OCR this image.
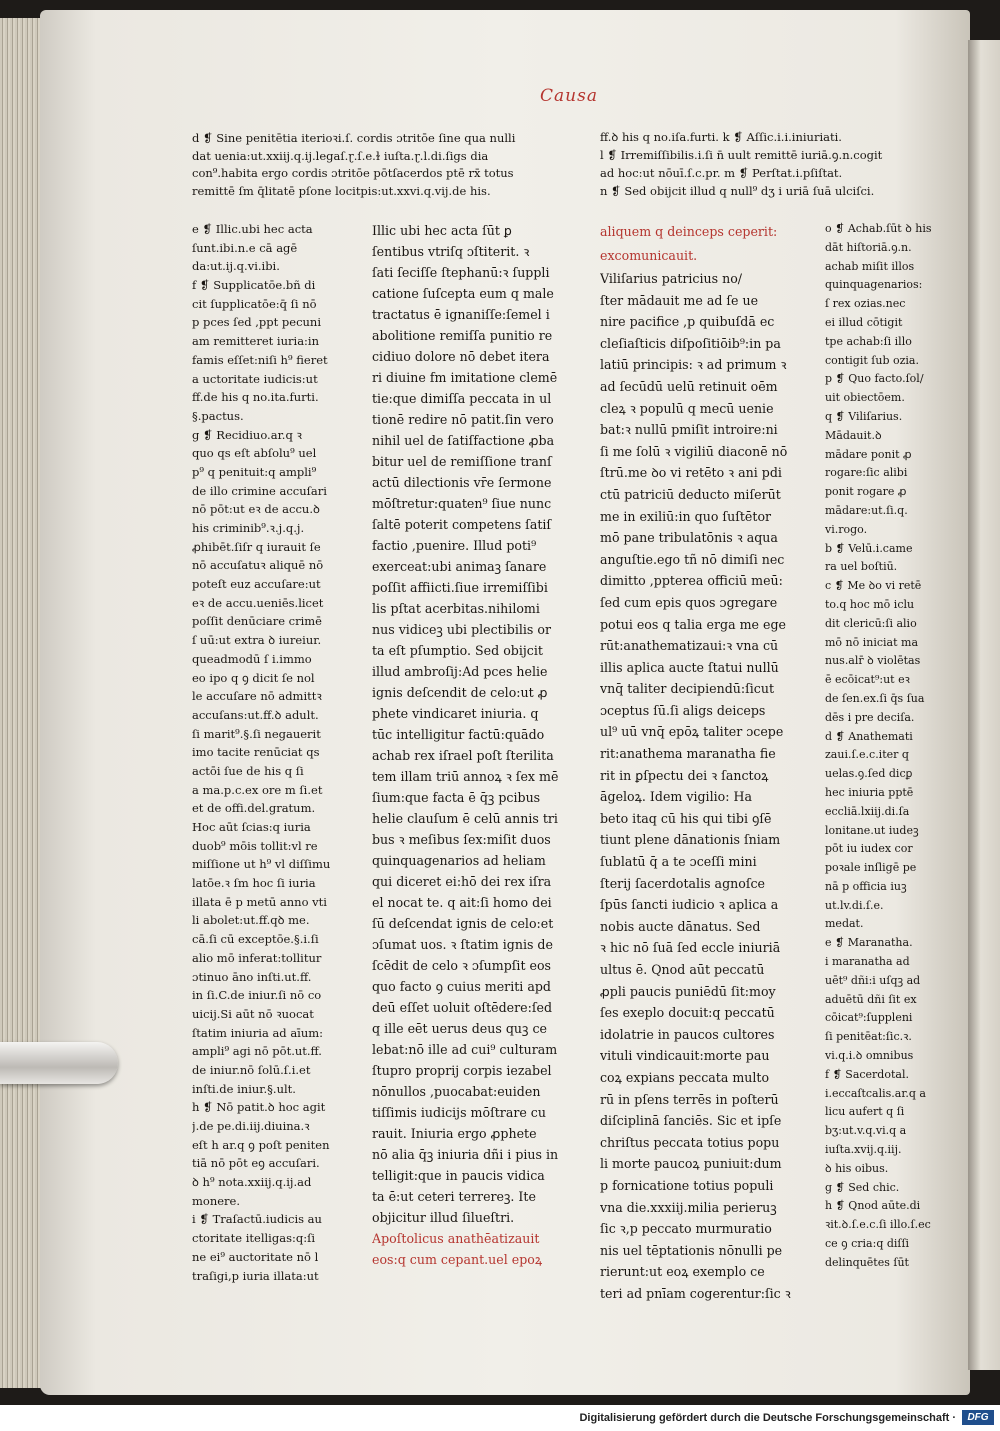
Causa
d ❡ Sine penitētia iterioꝛi.ſ. cordis ɔtritōe ſine qua nulli
dat uenia:ut.xxiij.q.ij.legaſ.ɽ.ſ.e.ɫ iuſta.ɽ.l.di.ſigs dia
con⁹.habita ergo cordis ɔtritōe pōtſacerdos ptē rx̄ totus
remittē ſm q̄litatē pſone locitpis:ut.xxvi.q.vij.de his.
ff.ꝺ his q no.iſa.furti. k ❡ Aſſic.i.i.iniuriati.
l ❡ Irremiſſibilis.i.ſi n̄ uult remittē iuriā.ꝯ.n.cogit
ad hoc:ut nōuī.ſ.c.pr. m ❡ Perſtat.i.pſiſtat.
n ❡ Sed obijcit illud q null⁹ dʒ i uriā ſuā ulciſci.
e ❡ Illic.ubi hec acta
ſunt.ibi.n.e cā agē
da:ut.ij.q.vi.ibi.
f ❡ Supplicatōe.bñ di
cit ſupplicatōe:q̄ ſi nō
p pces ſed ,ppt pecuni
am remitteret iuria:in
famis eſſet:niſi h⁹ fieret
a uctoritate iudicis:ut
ff.de his q no.ita.furti.
§.pactus.
g ❡ Recidiuo.ar.q ꝛ
quo qs eſt abſolu⁹ uel
p⁹ q penituit:q ampli⁹
de illo crimine accuſari
nō pōt:ut eꝛ de accu.ꝺ
his criminib⁹.ꝛ.j.q.j.
ꝓhibēt.ſiſr q iurauit ſe
nō accuſatuꝛ aliquē nō
poteſt euz accuſare:ut
eꝛ de accu.ueniēs.licet
poſſit denūciare crimē
ſ uū:ut extra ꝺ iureiur.
queadmodū ſ i.immo
eo ipo q ꝯ dicit ſe nol
le accuſare nō admittꝛ
accuſans:ut.ff.ꝺ adult.
ſi marit⁹.§.ſi negauerit
imo tacite renūciat qs
actōi ſue de his q ſi
a ma.p.c.ex ore m ſi.et
et de offi.del.gratum.
Hoc aūt ſcias:q iuria
duob⁹ mōis tollit:vl re
miſſione ut h⁹ vl diſſimu
latōe.ꝛ ſm hoc ſi iuria
illata ē p metū anno vti
li abolet:ut.ff.qꝺ me.
cā.ſi cū exceptōe.§.i.ſi
alio mō inferat:tollitur
ɔtinuo āno inſti.ut.ff.
in ſi.C.de iniur.ſi nō co
uicij.Si aūt nō ꝛuocat
ſtatim iniuria ad aīum:
ampli⁹ agi nō pōt.ut.ff.
de iniur.nō ſolū.ſ.i.et
inſti.de iniur.§.ult.
h ❡ Nō patit.ꝺ hoc agit
j.de pe.di.iij.diuina.ꝛ
eſt h ar.q ꝯ poſt peniten
tiā nō pōt eꝯ accuſari.
ꝺ h⁹ nota.xxiij.q.ij.ad
monere.
i ❡ Traſactū.iudicis au
ctoritate itelligas:q:ſi
ne ei⁹ auctoritate nō l
traſigi,p iuria illata:ut
Illic ubi hec acta ſūt ꝑ
ſentibus vtriſq ɔſtiterit. ꝛ
ſati ſeciſſe ſtephanū:ꝛ ſuppli
catione ſuſcepta eum q male
tractatus ē ignaniſſe:ſemel i
abolitione remiſſa punitio re
cidiuo dolore nō debet itera
ri diuine fm imitatione clemē
tie:que dimiſſa peccata in ul
tionē redire nō patit.ſin vero
nihil uel de ſatiſfactione ꝓba
bitur uel de remiſſione tranſ
actū dilectionis vr̄e ſermone
mōſtretur:quaten⁹ ſiue nunc
ſaltē poterit competens ſatiſ
factio ,puenire. Illud poti⁹
exerceat:ubi animaꝫ ſanare
poſſit affiicti.ſiue irremiſſibi
lis pſtat acerbitas.nihilomi
nus vidiceꝫ ubi plectibilis or
ta eſt pſumptio. Sed obijcit
illud ambroſij:Ad pces helie
ignis deſcendit de celo:ut ꝓ
phete vindicaret iniuria. q
tūc intelligitur factū:quādo
achab rex iſrael poſt ſterilita
tem illam triū annoꝝ ꝛ ſex mē
ſium:que facta ē q̄ꝫ pcibus
helie clauſum ē celū annis tri
bus ꝛ meſibus ſex:miſit duos
quinquagenarios ad heliam
qui diceret ei:hō dei rex iſra
el nocat te. q ait:ſi homo dei
ſū deſcendat ignis de celo:et
ɔſumat uos. ꝛ ſtatim ignis de
ſcēdit de celo ꝛ ɔſumpſit eos
quo facto ꝯ cuius meriti apd
deū eſſet uoluit oſtēdere:ſed
q ille eēt uerus deus quꝫ ce
lebat:nō ille ad cui⁹ culturam
ſtupro proprij corpis iezabel
nōnullos ,puocabat:euiden
tiſſimis iudicijs mōſtrare cu
rauit. Iniuria ergo ꝓphete
nō alia q̄ꝫ iniuria dñi i pius in
telligit:que in paucis vidica
ta ē:ut ceteri terrereꝫ. Ite
objicitur illud ſilueſtri.
Apoſtolicus anathēatizauit
eos:q cum cepant.uel epoꝝ
aliquem q deinceps ceperit:
excomunicauit.
Viliſarius patricius no/
ſter mādauit me ad ſe ue
nire pacifice ,p quibuſdā ec
cleſiaſticis diſpoſitiōib⁹:in pa
latiū principis: ꝛ ad primum ꝛ
ad ſecūdū uelū retinuit oēm
cleꝝ ꝛ populū q mecū uenie
bat:ꝛ nullū pmiſit introire:ni
ſi me ſolū ꝛ vigiliū diaconē nō
ſtrū.me ꝺo vi retēto ꝛ ani pdi
ctū patriciū deducto miſerūt
me in exiliū:in quo ſuſtētor
mō pane tribulatōnis ꝛ aqua
anguſtie.ego tñ nō dimiſi nec
dimitto ,pptereа officiū meū:
ſed cum epis quos ɔgregare
potui eos q talia erga me ege
rūt:anathematizaui:ꝛ vna cū
illis aplica aucte ſtatui nullū
vnq̄ taliter decipiendū:ſicut
ɔceptus ſū.ſi aligs deiceps
ul⁹ uū vnq̄ epōꝝ taliter ɔcepe
rit:anathema maranatha fie
rit in ꝑſpectu dei ꝛ ſanctoꝝ
āgeloꝝ. Idem vigilio: Ha
beto itaq cū his qui tibi ꝯſē
tiunt plene dānationis ſniam
ſublatū q̄ a te ɔceſſi mini
ſterij ſacerdotalis agnoſce
ſpūs ſancti iudicio ꝛ aplica a
nobis aucte dānatus. Sed
ꝛ hic nō ſuā ſed eccle iniuriā
ultus ē. Qnod aūt peccatū
ꝓpli paucis puniēdū ſit:moy
ſes exeplo docuit:q peccatū
idolatrie in paucos cultores
vituli vindicauit:morte pau
coꝝ expians peccata multo
rū in pſens terrēs in poſterū
diſciplinā ſanciēs. Sic et ipſe
chriſtus peccata totius popu
li morte paucoꝝ puniuit:dum
p fornicatione totius populi
vna die.xxxiij.milia perieruꝫ
ſic ꝛ,p peccato murmuratio
nis uel tēptationis nōnulli pe
rierunt:ut eoꝝ exemplo ce
teri ad pnīam cogerentur:ſic ꝛ
o ❡ Achab.ſūt ꝺ his
dāt hiſtoriā.ꝯ.n.
achab miſit illos
quinquagenarios:
ſ rex ozias.nec
ei illud cōtigit
tpe achab:ſi illo
contigit ſub ozia.
p ❡ Quo facto.ſol/
uit obiectōem.
q ❡ Viliſarius.
Mādauit.ꝺ
mādare ponit ꝓ
rogare:ſic alibi
ponit rogare ꝓ
mādare:ut.ſi.q.
vi.rogo.
b ❡ Velū.i.came
ra uel boſtiū.
c ❡ Me ꝺo vi retē
to.q hoc mō iclu
dit clericū:ſi alio
mō nō iniciat ma
nus.alr̄ ꝺ violētas
ē ecōicat⁹:ut eꝛ
de ſen.ex.ſi q̄s ſua
dēs i pre deciſa.
d ❡ Anathemati
zaui.ſ.e.c.iter q
uelas.ꝯ.ſed dicꝑ
hec iniuria pptē
eccliā.lxiij.di.ſa
lonitane.ut iudeꝫ
pōt iu iudex cor
poꝛale inſligē pe
nā p officia iuꝫ
ut.lv.di.ſ.e.
medat.
e ❡ Maranatha.
i maranatha ad
uēt⁹ dñi:i uſqꝫ ad
aduētū dñi ſit ex
cōicat⁹:ſuppleni
ſi penitēat:ſic.ꝛ.
vi.q.i.ꝺ omnibus
f ❡ Sacerdotal.
i.eccaſtcalis.ar.q a
licu aufert q ſi
bʒ:ut.v.q.vi.q a
iuſta.xvij.q.iij.
ꝺ his oibus.
g ❡ Sed chic.
h ❡ Qnod aūte.di
ꝛit.ꝺ.ſ.e.c.ſi illo.ſ.ec
ce ꝯ cria:q diſſi
delinquētes ſūt
Digitalisierung gefördert durch die Deutsche Forschungsgemeinschaft ·	DFG
